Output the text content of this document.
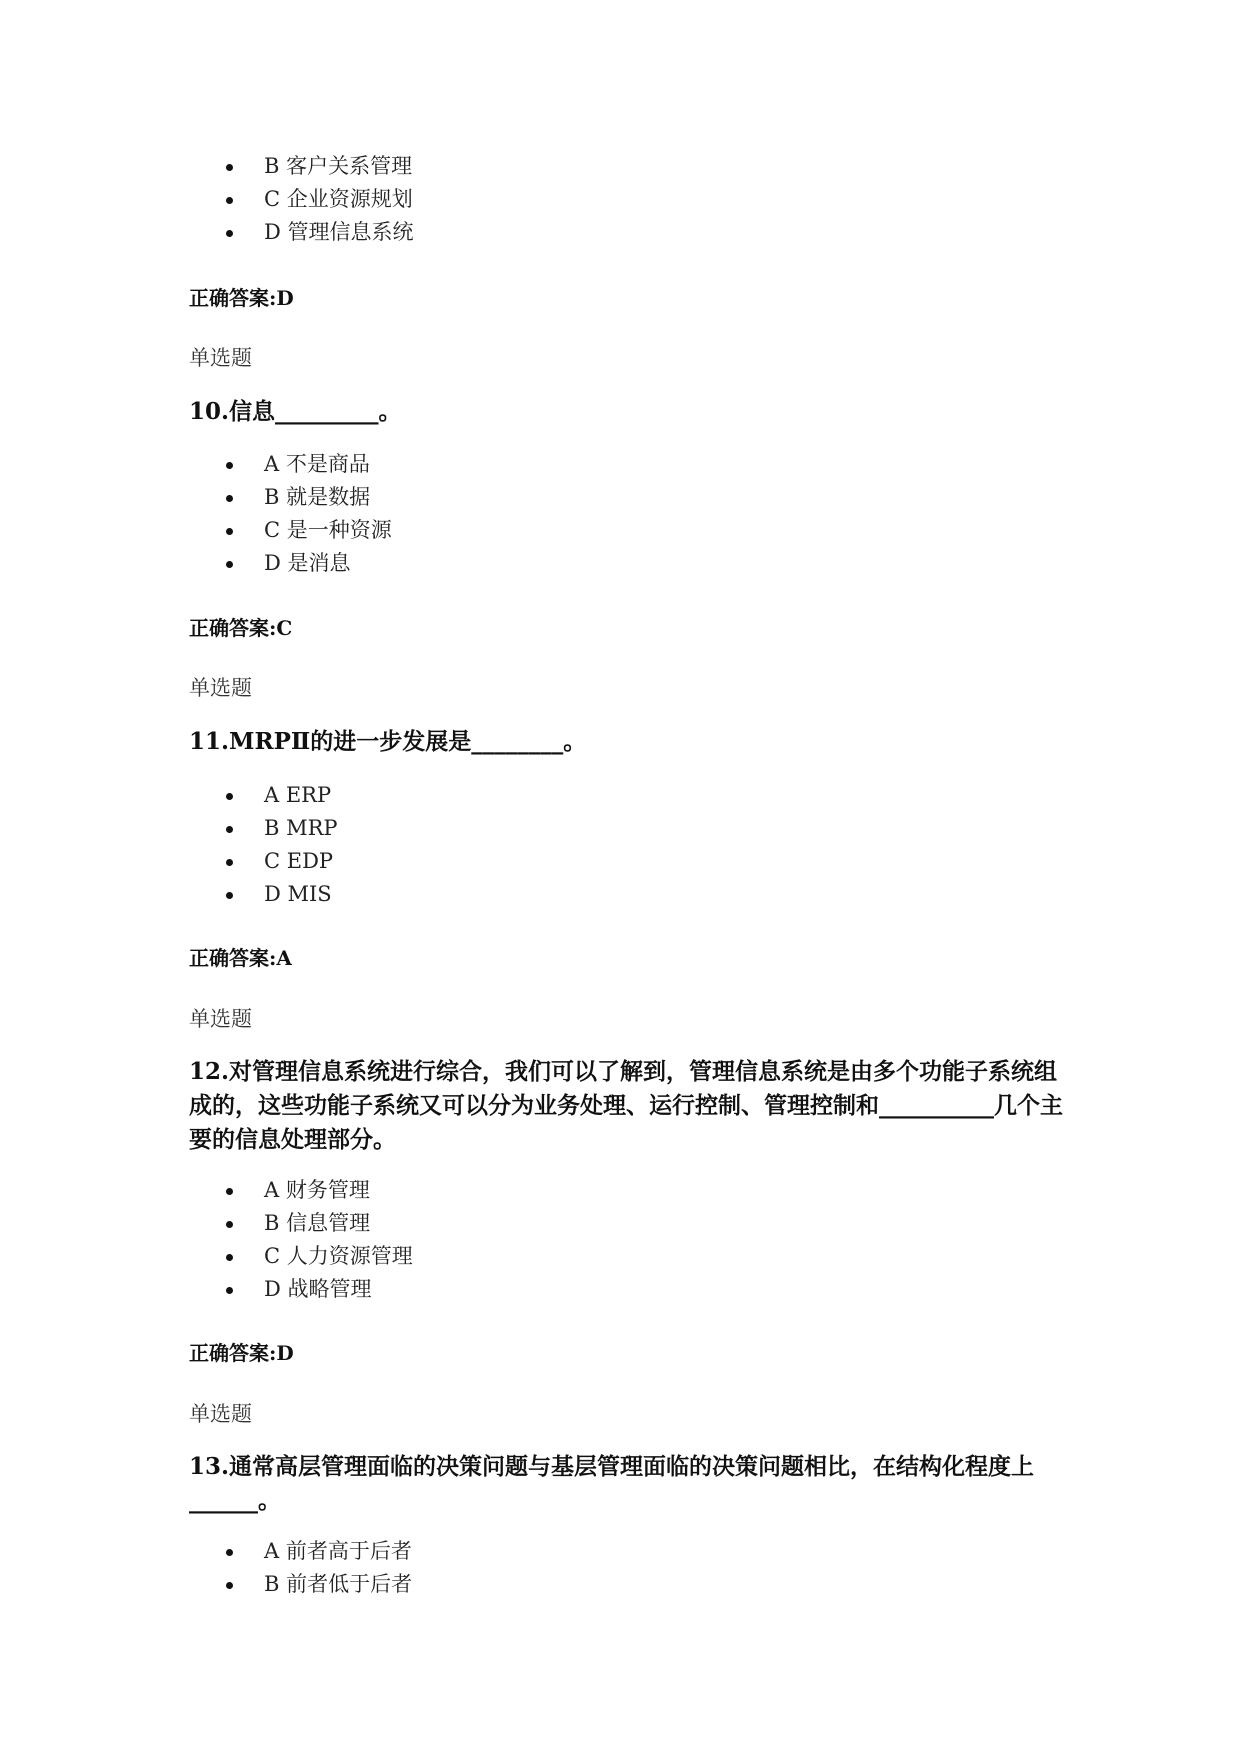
B 客户关系管理
C 企业资源规划
D 管理信息系统
正确答案:D
单选题

10.信息_________。

A 不是商品
B 就是数据
C 是一种资源
D 是消息
正确答案:C
单选题

11.MRPⅡ的进一步发展是________。

A ERP
B MRP
C EDP
D MIS
正确答案:A
单选题

12.对管理信息系统进行综合，我们可以了解到，管理信息系统是由多个功能子系统组成的，这些功能子系统又可以分为业务处理、运行控制、管理控制和__________几个主要的信息处理部分。

A 财务管理
B 信息管理
C 人力资源管理
D 战略管理
正确答案:D
单选题

13.通常高层管理面临的决策问题与基层管理面临的决策问题相比，在结构化程度上______。

A 前者高于后者
B 前者低于后者
